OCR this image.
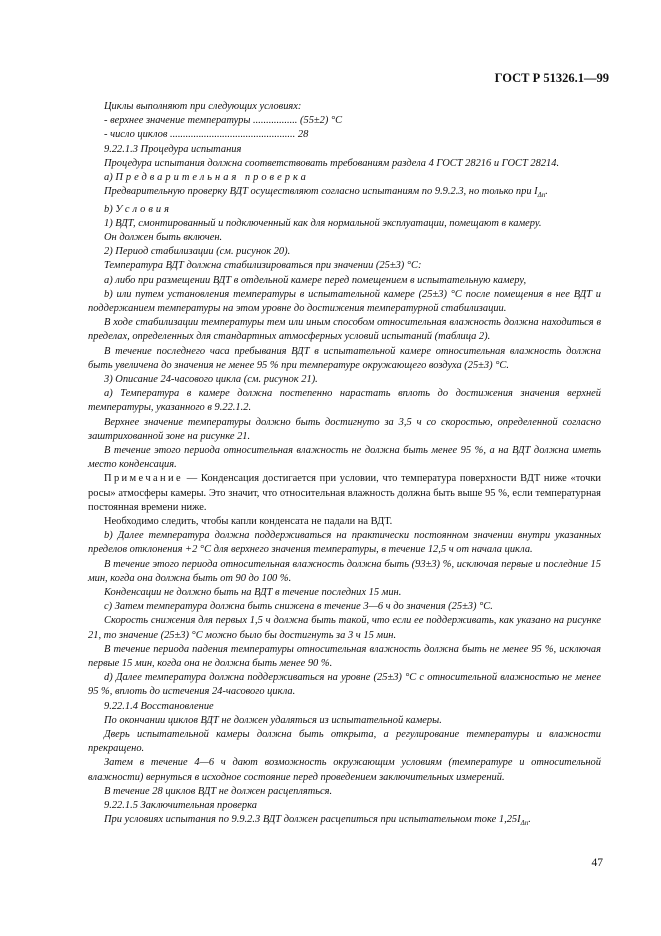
ГОСТ Р 51326.1—99

Циклы выполняют при следующих условиях:

- верхнее значение температуры ................. (55±2) °С

- число циклов ................................................ 28

9.22.1.3 Процедура испытания

Процедура испытания должна соответствовать требованиям раздела 4 ГОСТ 28216 и ГОСТ 28214.

а) Предварительная проверка

Предварительную проверку ВДТ осуществляют согласно испытаниям по 9.9.2.3, но только при $I_{\Delta n}$.

b) Условия

1) ВДТ, смонтированный и подключенный как для нормальной эксплуатации, помещают в камеру.

Он должен быть включен.

2) Период стабилизации (см. рисунок 20).

Температура ВДТ должна стабилизироваться при значении (25±3) °С:

а) либо при размещении ВДТ в отдельной камере перед помещением в испытательную камеру,

b) или путем установления температуры в испытательной камере (25±3) °С после помещения в нее ВДТ и поддержанием температуры на этом уровне до достижения температурной стабилизации.

В ходе стабилизации температуры тем или иным способом относительная влажность должна находиться в пределах, определенных для стандартных атмосферных условий испытаний (таблица 2).

В течение последнего часа пребывания ВДТ в испытательной камере относительная влажность должна быть увеличена до значения не менее 95 % при температуре окружающего воздуха (25±3) °С.

3) Описание 24-часового цикла (см. рисунок 21).

а) Температура в камере должна постепенно нарастать вплоть до достижения значения верхней температуры, указанного в 9.22.1.2.

Верхнее значение температуры должно быть достигнуто за 3,5 ч со скоростью, определенной согласно заштрихованной зоне на рисунке 21.

В течение этого периода относительная влажность не должна быть менее 95 %, а на ВДТ должна иметь место конденсация.

Примечание — Конденсация достигается при условии, что температура поверхности ВДТ ниже «точки росы» атмосферы камеры. Это значит, что относительная влажность должна быть выше 95 %, если температурная постоянная времени ниже.

Необходимо следить, чтобы капли конденсата не падали на ВДТ.

b) Далее температура должна поддерживаться на практически постоянном значении внутри указанных пределов отклонения +2 °С для верхнего значения температуры, в течение 12,5 ч от начала цикла.

В течение этого периода относительная влажность должна быть (93±3) %, исключая первые и последние 15 мин, когда она должна быть от 90 до 100 %.

Конденсации не должно быть на ВДТ в течение последних 15 мин.

с) Затем температура должна быть снижена в течение 3—6 ч до значения (25±3) °С.

Скорость снижения для первых 1,5 ч должна быть такой, что если ее поддерживать, как указано на рисунке 21, то значение (25±3) °С можно было бы достигнуть за 3 ч 15 мин.

В течение периода падения температуры относительная влажность должна быть не менее 95 %, исключая первые 15 мин, когда она не должна быть менее 90 %.

d) Далее температура должна поддерживаться на уровне (25±3) °С с относительной влажностью не менее 95 %, вплоть до истечения 24-часового цикла.

9.22.1.4 Восстановление

По окончании циклов ВДТ не должен удаляться из испытательной камеры.

Дверь испытательной камеры должна быть открыта, а регулирование температуры и влажности прекращено.

Затем в течение 4—6 ч дают возможность окружающим условиям (температуре и относительной влажности) вернуться в исходное состояние перед проведением заключительных измерений.

В течение 28 циклов ВДТ не должен расцепляться.

9.22.1.5 Заключительная проверка

При условиях испытания по 9.9.2.3 ВДТ должен расцепиться при испытательном токе $1,25I_{\Delta n}$.

47
